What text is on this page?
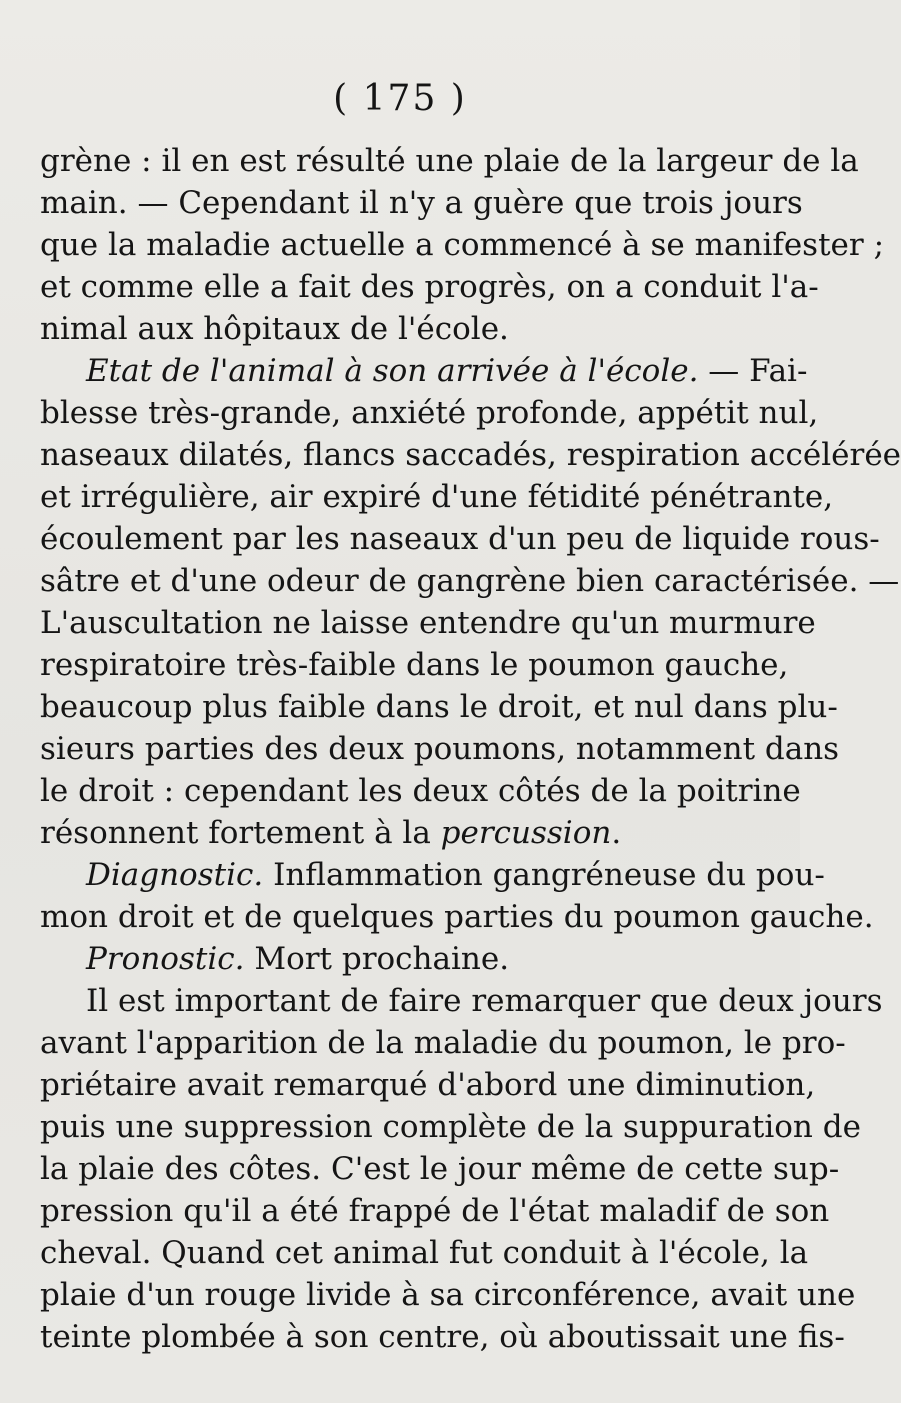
( 175 )
grène : il en est résulté une plaie de la largeur de la
main. — Cependant il n'y a guère que trois jours
que la maladie actuelle a commencé à se manifester ;
et comme elle a fait des progrès, on a conduit l'a-
nimal aux hôpitaux de l'école.
Etat de l'animal à son arrivée à l'école. — Fai-
blesse très-grande, anxiété profonde, appétit nul,
naseaux dilatés, flancs saccadés, respiration accélérée
et irrégulière, air expiré d'une fétidité pénétrante,
écoulement par les naseaux d'un peu de liquide rous-
sâtre et d'une odeur de gangrène bien caractérisée. —
L'auscultation ne laisse entendre qu'un murmure
respiratoire très-faible dans le poumon gauche,
beaucoup plus faible dans le droit, et nul dans plu-
sieurs parties des deux poumons, notamment dans
le droit : cependant les deux côtés de la poitrine
résonnent fortement à la percussion.
Diagnostic. Inflammation gangréneuse du pou-
mon droit et de quelques parties du poumon gauche.
Pronostic. Mort prochaine.
Il est important de faire remarquer que deux jours
avant l'apparition de la maladie du poumon, le pro-
priétaire avait remarqué d'abord une diminution,
puis une suppression complète de la suppuration de
la plaie des côtes. C'est le jour même de cette sup-
pression qu'il a été frappé de l'état maladif de son
cheval. Quand cet animal fut conduit à l'école, la
plaie d'un rouge livide à sa circonférence, avait une
teinte plombée à son centre, où aboutissait une fis-
